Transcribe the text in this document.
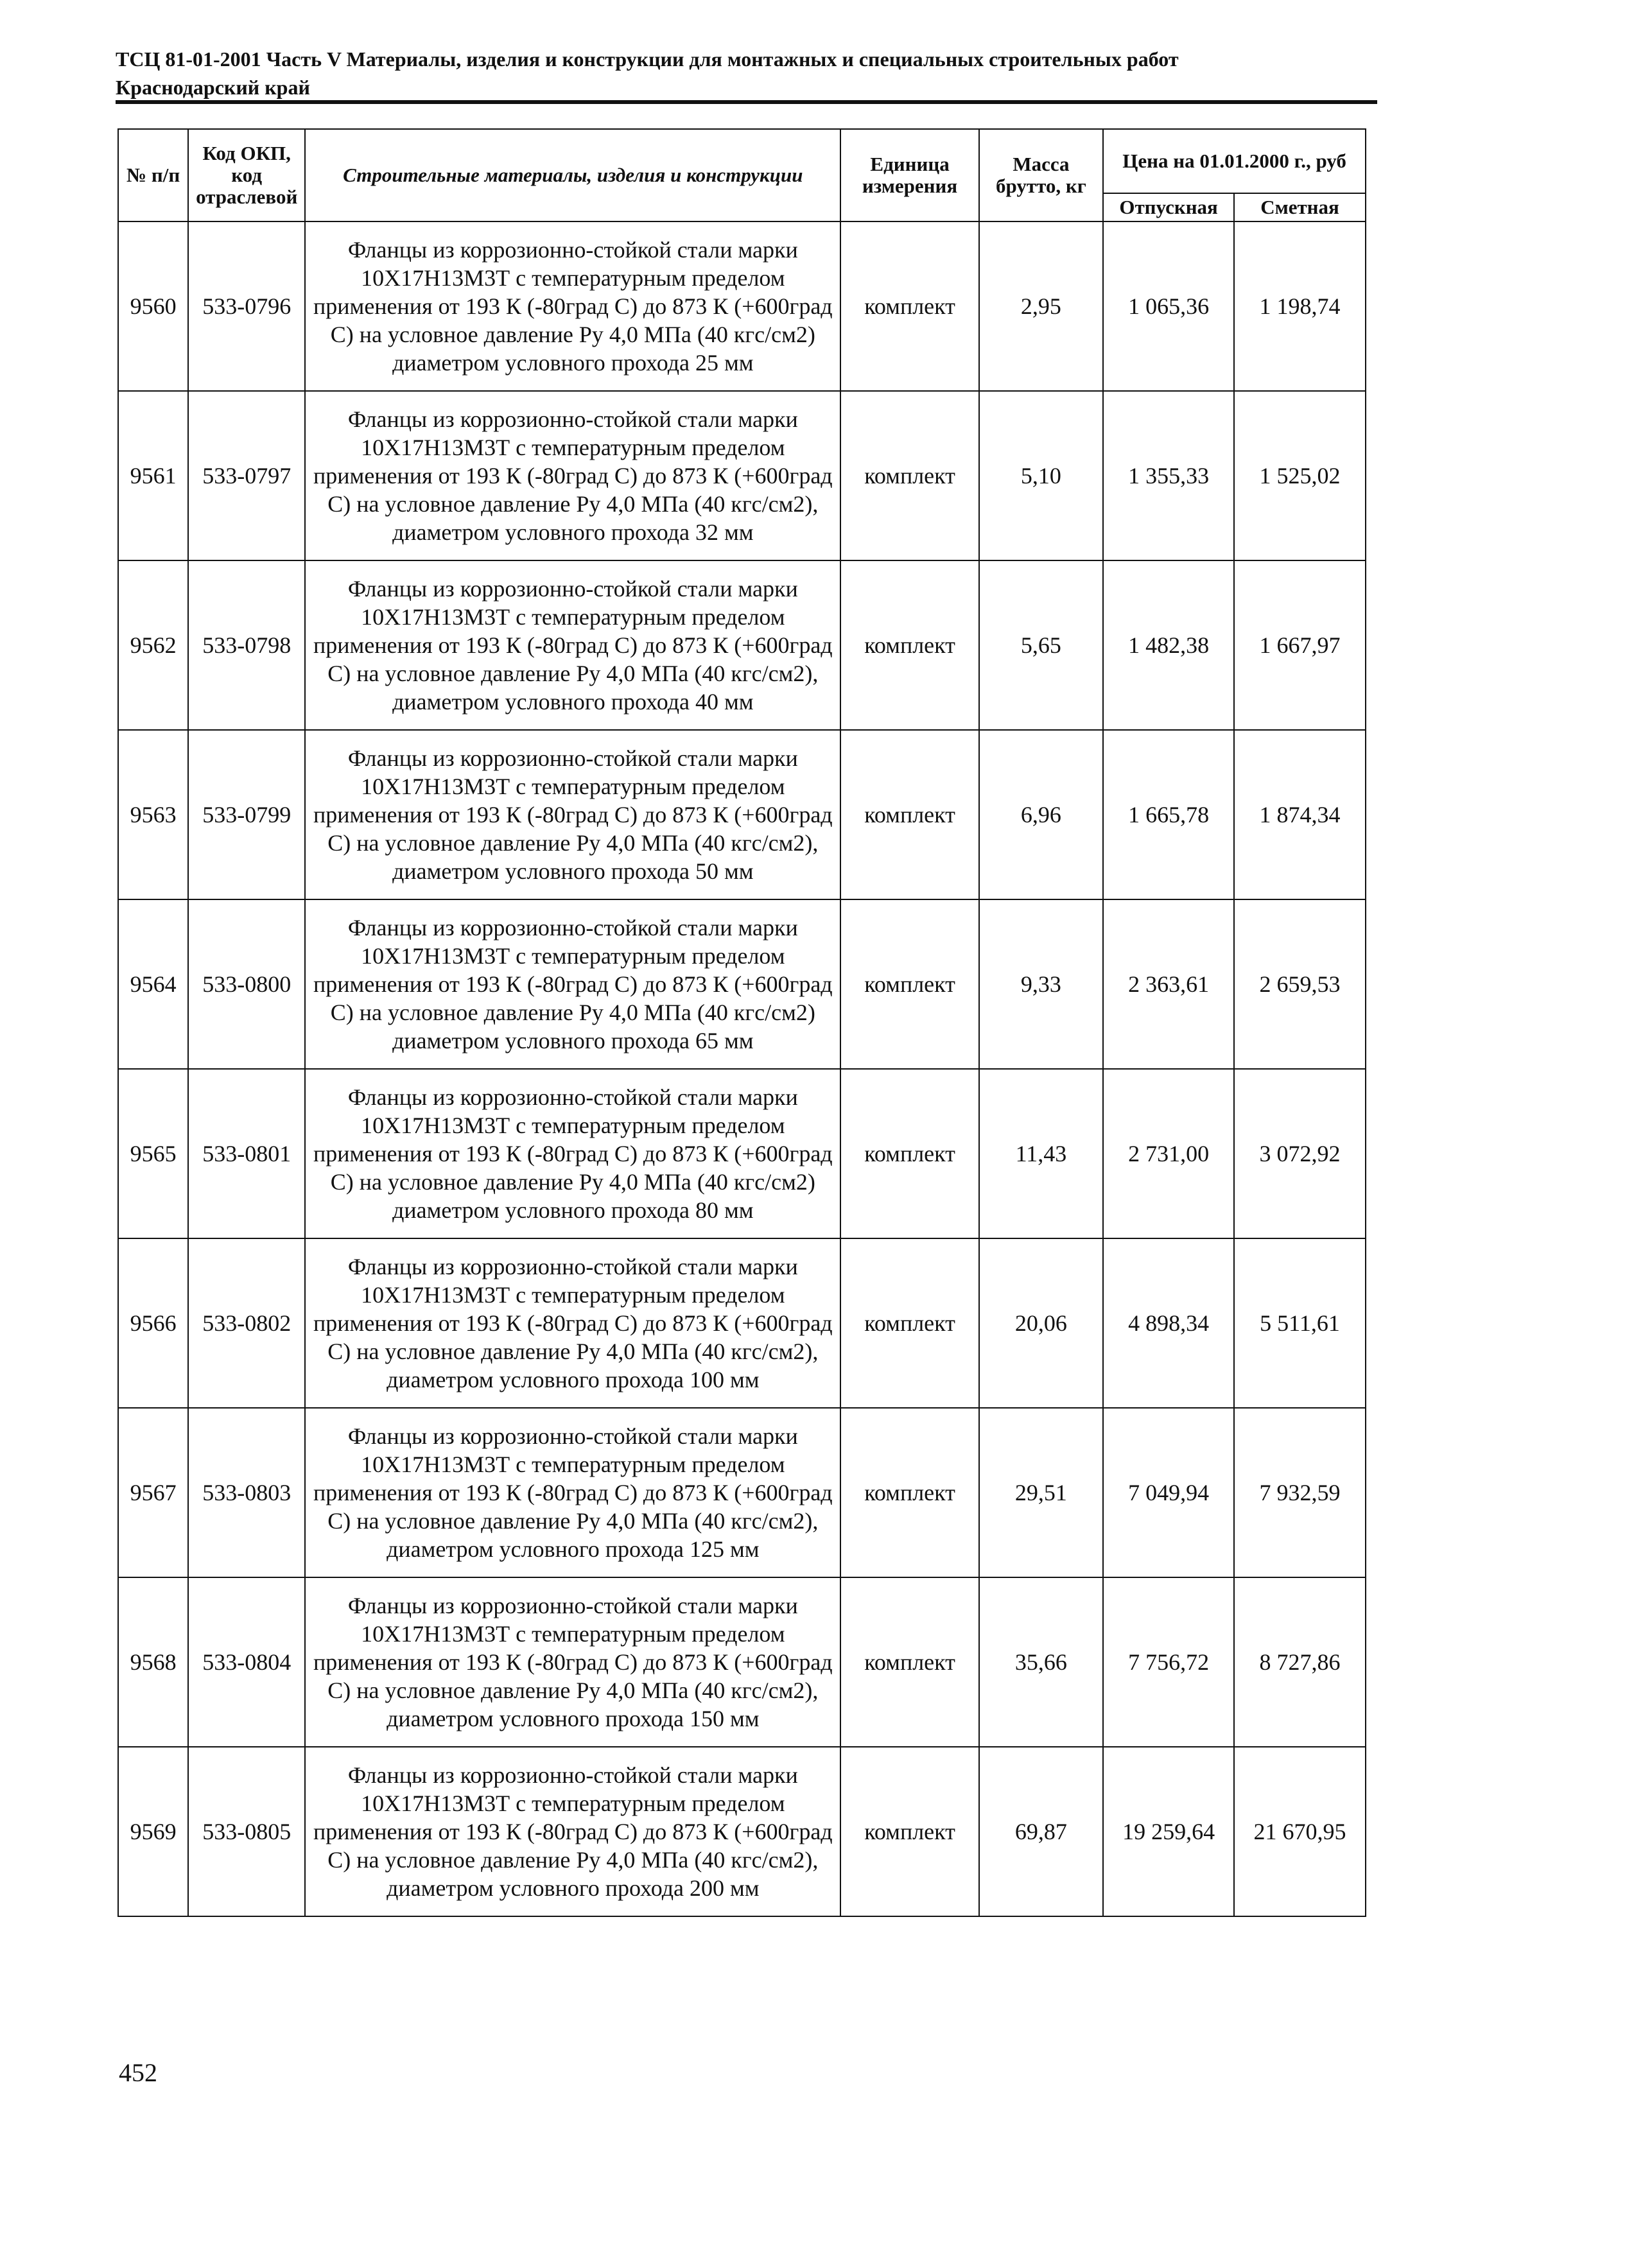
ТСЦ 81-01-2001 Часть V Материалы, изделия и конструкции для монтажных и специальных строительных работ
Краснодарский край
№ п/п	Код ОКП, код отраслевой	Строительные материалы, изделия и конструкции	Единица измерения	Масса брутто, кг	Цена на 01.01.2000 г., руб	
					Отпускная	Сметная
9560	533-0796	Фланцы из коррозионно-стойкой стали марки 10Х17Н13М3Т с температурным пределом применения от 193 К (-80град С) до 873 К (+600град С) на условное давление Ру 4,0 МПа (40 кгс/см2) диаметром условного прохода 25 мм	комплект	2,95	1 065,36	1 198,74
9561	533-0797	Фланцы из коррозионно-стойкой стали марки 10Х17Н13М3Т с температурным пределом применения от 193 К (-80град С) до 873 К (+600град С) на условное давление Ру 4,0 МПа (40 кгс/см2), диаметром условного прохода 32 мм	комплект	5,10	1 355,33	1 525,02
9562	533-0798	Фланцы из коррозионно-стойкой стали марки 10Х17Н13М3Т с температурным пределом применения от 193 К (-80град С) до 873 К (+600град С) на условное давление Ру 4,0 МПа (40 кгс/см2), диаметром условного прохода 40 мм	комплект	5,65	1 482,38	1 667,97
9563	533-0799	Фланцы из коррозионно-стойкой стали марки 10Х17Н13М3Т с температурным пределом применения от 193 К (-80град С) до 873 К (+600град С) на условное давление Ру 4,0 МПа (40 кгс/см2), диаметром условного прохода 50 мм	комплект	6,96	1 665,78	1 874,34
9564	533-0800	Фланцы из коррозионно-стойкой стали марки 10Х17Н13М3Т с температурным пределом применения от 193 К (-80град С) до 873 К (+600град С) на условное давление Ру 4,0 МПа (40 кгс/см2) диаметром условного прохода 65 мм	комплект	9,33	2 363,61	2 659,53
9565	533-0801	Фланцы из коррозионно-стойкой стали марки 10Х17Н13М3Т с температурным пределом применения от 193 К (-80град С) до 873 К (+600град С) на условное давление Ру 4,0 МПа (40 кгс/см2) диаметром условного прохода 80 мм	комплект	11,43	2 731,00	3 072,92
9566	533-0802	Фланцы из коррозионно-стойкой стали марки 10Х17Н13М3Т с температурным пределом применения от 193 К (-80град С) до 873 К (+600град С) на условное давление Ру 4,0 МПа (40 кгс/см2), диаметром условного прохода 100 мм	комплект	20,06	4 898,34	5 511,61
9567	533-0803	Фланцы из коррозионно-стойкой стали марки 10Х17Н13М3Т с температурным пределом применения от 193 К (-80град С) до 873 К (+600град С) на условное давление Ру 4,0 МПа (40 кгс/см2), диаметром условного прохода 125 мм	комплект	29,51	7 049,94	7 932,59
9568	533-0804	Фланцы из коррозионно-стойкой стали марки 10Х17Н13М3Т с температурным пределом применения от 193 К (-80град С) до 873 К (+600град С) на условное давление Ру 4,0 МПа (40 кгс/см2), диаметром условного прохода 150 мм	комплект	35,66	7 756,72	8 727,86
9569	533-0805	Фланцы из коррозионно-стойкой стали марки 10Х17Н13М3Т с температурным пределом применения от 193 К (-80град С) до 873 К (+600град С) на условное давление Ру 4,0 МПа (40 кгс/см2), диаметром условного прохода 200 мм	комплект	69,87	19 259,64	21 670,95
452
